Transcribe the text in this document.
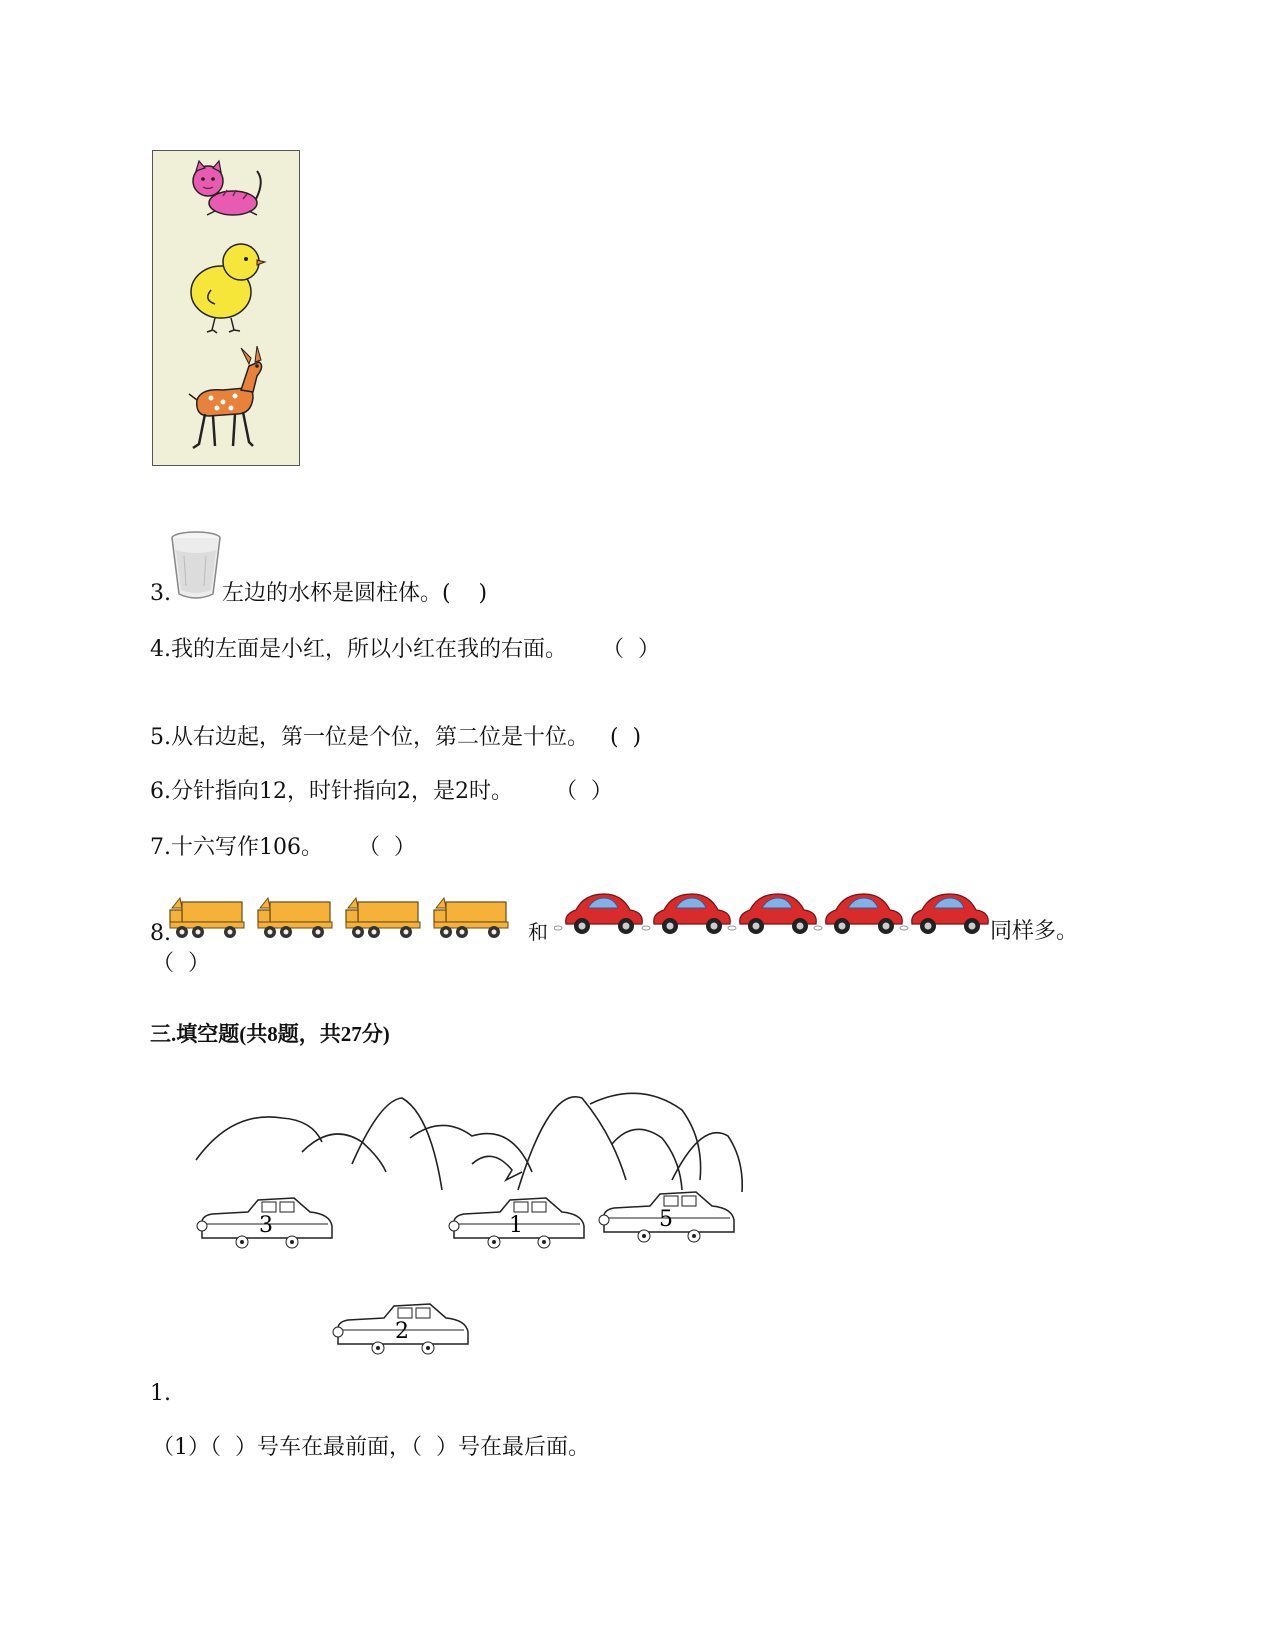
3. 左边的水杯是圆柱体。(    )
4.我的左面是小红，所以小红在我的右面。     （  ）
5.从右边起，第一位是个位，第二位是十位。   (  )
6.分针指向12，时针指向2，是2时。      （  ）
7.十六写作106。     （  ）
8.	和	同样多。
（  ）
三.填空题(共8题，共27分)
1.
3	1	5
2
（1）（  ）号车在最前面，（  ）号在最后面。
